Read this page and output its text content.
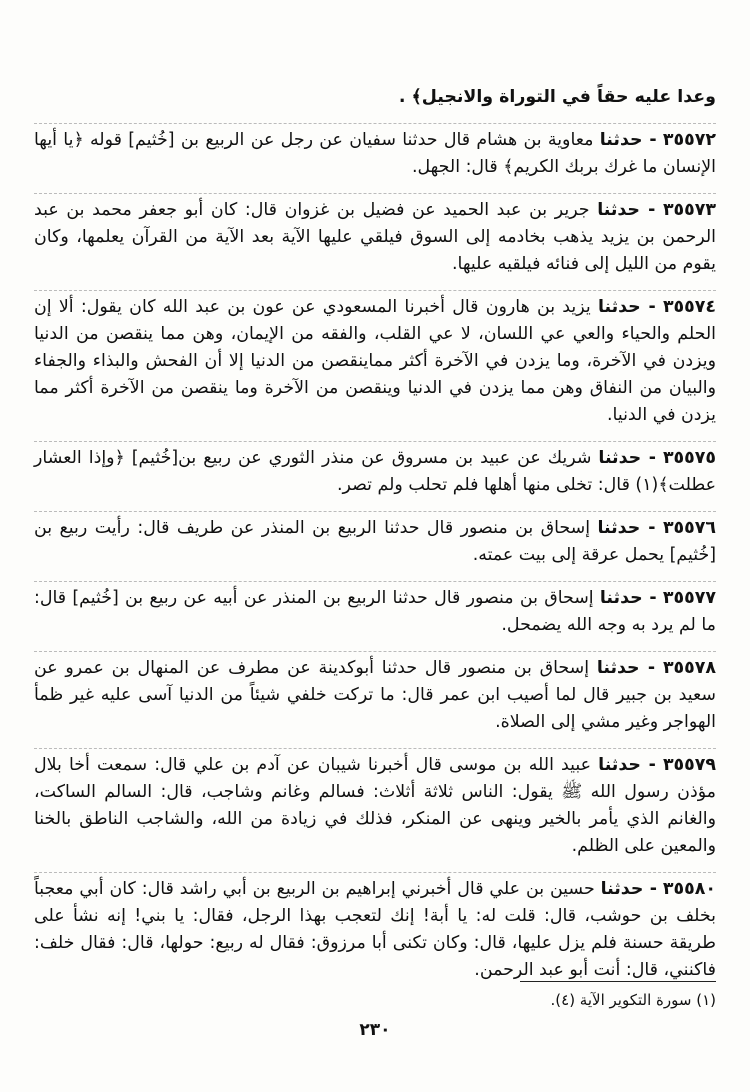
وعدا عليه حقاً في التوراة والانجيل﴾ .

٣٥٥٧٢ - حدثنا معاوية بن هشام قال حدثنا سفيان عن رجل عن الربيع بن [خُثيم] قوله ﴿يا أيها الإنسان ما غرك بربك الكريم﴾ قال: الجهل.

٣٥٥٧٣ - حدثنا جرير بن عبد الحميد عن فضيل بن غزوان قال: كان أبو جعفر محمد بن عبد الرحمن بن يزيد يذهب بخادمه إلى السوق فيلقي عليها الآية بعد الآية من القرآن يعلمها، وكان يقوم من الليل إلى فنائه فيلقيه عليها.

٣٥٥٧٤ - حدثنا يزيد بن هارون قال أخبرنا المسعودي عن عون بن عبد الله كان يقول: ألا إن الحلم والحياء والعي عي اللسان، لا عي القلب، والفقه من الإيمان، وهن مما ينقصن من الدنيا ويزدن في الآخرة، وما يزدن في الآخرة أكثر مماينقصن من الدنيا إلا أن الفحش والبذاء والجفاء والبيان من النفاق وهن مما يزدن في الدنيا وينقصن من الآخرة وما ينقصن من الآخرة أكثر مما يزدن في الدنيا.

٣٥٥٧٥ - حدثنا شريك عن عبيد بن مسروق عن منذر الثوري عن ربيع بن[خُثيم] ﴿وإذا العشار عطلت﴾(١) قال: تخلى منها أهلها فلم تحلب ولم تصر.

٣٥٥٧٦ - حدثنا إسحاق بن منصور قال حدثنا الربيع بن المنذر عن طريف قال: رأيت ربيع بن [خُثيم] يحمل عرقة إلى بيت عمته.

٣٥٥٧٧ - حدثنا إسحاق بن منصور قال حدثنا الربيع بن المنذر عن أبيه عن ربيع بن [خُثيم] قال: ما لم يرد به وجه الله يضمحل.

٣٥٥٧٨ - حدثنا إسحاق بن منصور قال حدثنا أبوكدينة عن مطرف عن المنهال بن عمرو عن سعيد بن جبير قال لما أصيب ابن عمر قال: ما تركت خلفي شيئاً من الدنيا آسى عليه غير ظمأ الهواجر وغير مشي إلى الصلاة.

٣٥٥٧٩ - حدثنا عبيد الله بن موسى قال أخبرنا شيبان عن آدم بن علي قال: سمعت أخا بلال مؤذن رسول الله ﷺ يقول: الناس ثلاثة أثلاث: فسالم وغانم وشاجب، قال: السالم الساكت، والغانم الذي يأمر بالخير وينهى عن المنكر، فذلك في زيادة من الله، والشاجب الناطق بالخنا والمعين على الظلم.

٣٥٥٨٠ - حدثنا حسين بن علي قال أخبرني إبراهيم بن الربيع بن أبي راشد قال: كان أبي معجباً بخلف بن حوشب، قال: قلت له: يا أبة! إنك لتعجب بهذا الرجل، فقال: يا بني! إنه نشأ على طريقة حسنة فلم يزل عليها، قال: وكان تكنى أبا مرزوق: فقال له ربيع: حولها، قال: فقال خلف: فاكنني، قال: أنت أبو عبد الرحمن.

(١) سورة التكوير الآية (٤).
٢٣٠
